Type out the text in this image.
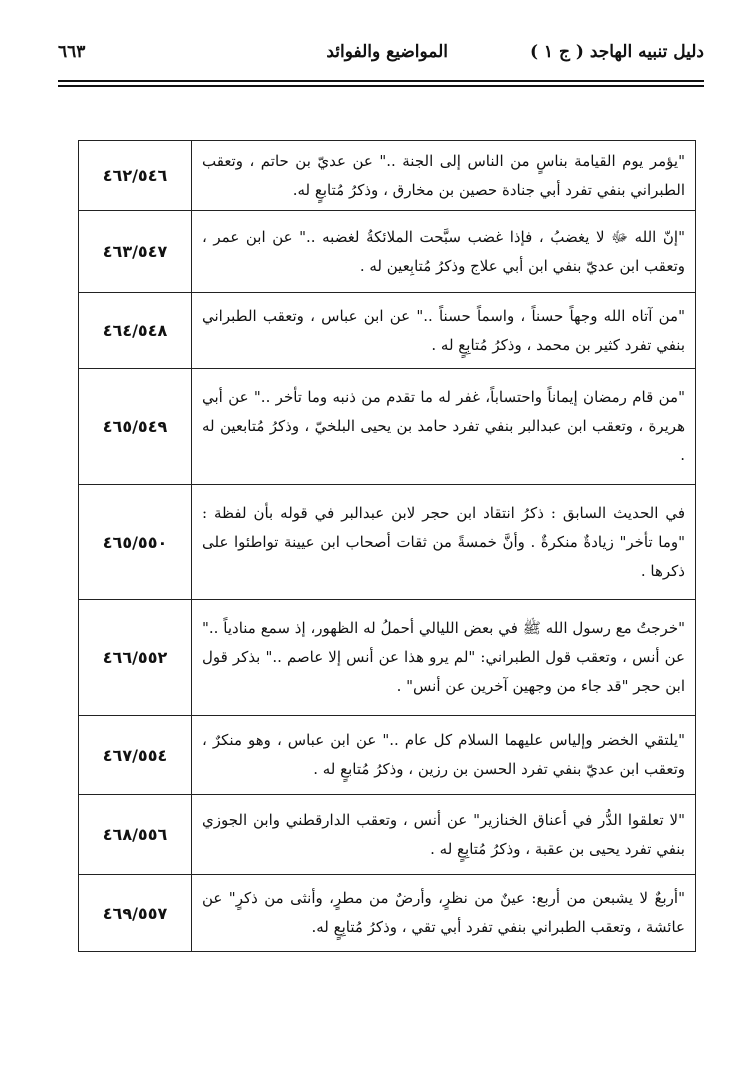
دليل تنبيه الهاجد ( ج ١ )
المواضيع والفوائد
٦٦٣
٤٦٢/٥٤٦
"يؤمر يوم القيامة بناسٍ من الناس إلى الجنة .." عن عديّ بن حاتم ، وتعقب الطبراني بنفي تفرد أبي جنادة حصين بن مخارق ، وذكرُ مُتابعٍ له.
٤٦٣/٥٤٧
"إنّ الله ﷻ لا يغضبُ ، فإذا غضب سبَّحت الملائكةُ لغضبه .." عن ابن عمر ، وتعقب ابن عديّ بنفي ابن أبي علاج وذكرُ مُتابِعين له .
٤٦٤/٥٤٨
"من آتاه الله وجهاً حسناً ، واسماً حسناً .." عن ابن عباس ، وتعقب الطبراني بنفي تفرد كثير بن محمد ، وذكرُ مُتابِعٍ له .
٤٦٥/٥٤٩
"من قام رمضان إيماناً واحتساباً، غفر له ما تقدم من ذنبه وما تأخر .." عن أبي هريرة ، وتعقب ابن عبدالبر بنفي تفرد حامد بن يحيى البلخيّ ، وذكرُ مُتابعين له .
٤٦٥/٥٥٠
في الحديث السابق : ذكرُ انتقاد ابن حجر لابن عبدالبر في قوله بأن لفظة : "وما تأخر" زيادةٌ منكرةٌ . وأنَّ خمسةً من ثقات أصحاب ابن عيينة تواطئوا على ذكرها .
٤٦٦/٥٥٢
"خرجتُ مع رسول الله ﷺ في بعض الليالي أحملُ له الظهور، إذ سمع منادياً .." عن أنس ، وتعقب قول الطبراني: "لم يرو هذا عن أنس إلا عاصم .." بذكر قول ابن حجر "قد جاء من وجهين آخرين عن أنس" .
٤٦٧/٥٥٤
"يلتقي الخضر وإلياس عليهما السلام كل عام .." عن ابن عباس ، وهو منكرٌ ، وتعقب ابن عديّ بنفي تفرد الحسن بن رزين ، وذكرُ مُتابعٍ له .
٤٦٨/٥٥٦
"لا تعلقوا الدُّر في أعناق الخنازير" عن أنس ، وتعقب الدارقطني وابن الجوزي بنفي تفرد يحيى بن عقبة ، وذكرُ مُتابِعٍ له .
٤٦٩/٥٥٧
"أربعٌ لا يشبعن من أربع: عينٌ من نظرٍ، وأرضٌ من مطرٍ، وأنثى من ذكرٍ" عن عائشة ، وتعقب الطبراني بنفي تفرد أبي تقي ، وذكرُ مُتابِعٍ له.
